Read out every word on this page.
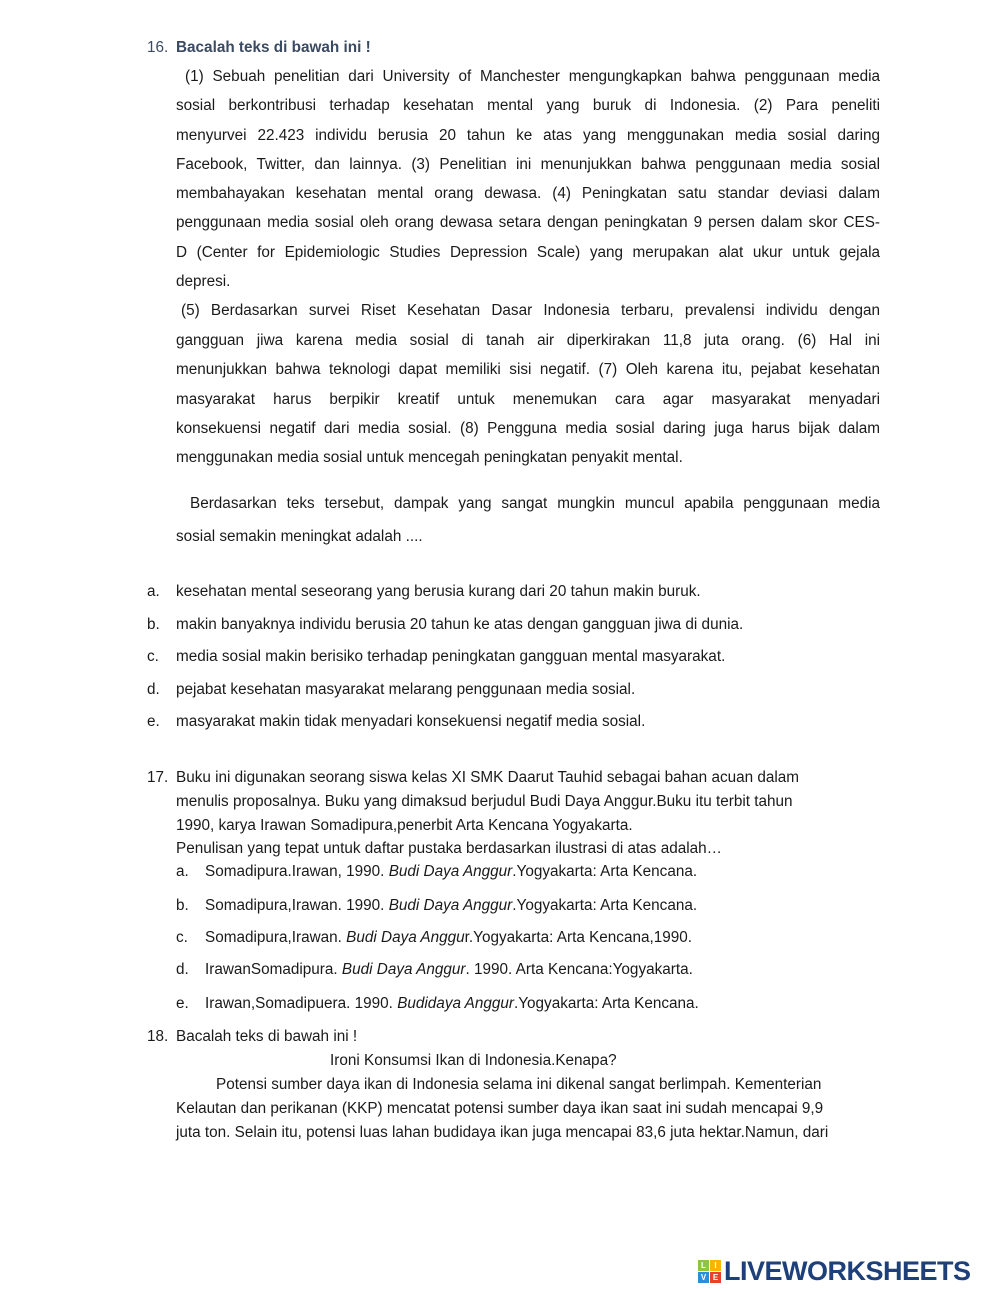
16. Bacalah teks di bawah ini !
(1) Sebuah penelitian dari University of Manchester mengungkapkan bahwa penggunaan media
sosial berkontribusi terhadap kesehatan mental yang buruk di Indonesia. (2) Para peneliti
menyurvei 22.423 individu berusia 20 tahun ke atas yang menggunakan media sosial daring
Facebook, Twitter, dan lainnya. (3) Penelitian ini menunjukkan bahwa penggunaan media sosial
membahayakan kesehatan mental orang dewasa. (4) Peningkatan satu standar deviasi dalam
penggunaan media sosial oleh orang dewasa setara dengan peningkatan 9 persen dalam skor CES-
D (Center for Epidemiologic Studies Depression Scale) yang merupakan alat ukur untuk gejala
depresi.
(5) Berdasarkan survei Riset Kesehatan Dasar Indonesia terbaru, prevalensi individu dengan
gangguan jiwa karena media sosial di tanah air diperkirakan 11,8 juta orang. (6) Hal ini
menunjukkan bahwa teknologi dapat memiliki sisi negatif. (7) Oleh karena itu, pejabat kesehatan
masyarakat harus berpikir kreatif untuk menemukan cara agar masyarakat menyadari
konsekuensi negatif dari media sosial. (8) Pengguna media sosial daring juga harus bijak dalam
menggunakan media sosial untuk mencegah peningkatan penyakit mental.
Berdasarkan teks tersebut, dampak yang sangat mungkin muncul apabila penggunaan media
sosial semakin meningkat adalah ....
a. kesehatan mental seseorang yang berusia kurang dari 20 tahun makin buruk.
b. makin banyaknya individu berusia 20 tahun ke atas dengan gangguan jiwa di dunia.
c. media sosial makin berisiko terhadap peningkatan gangguan mental masyarakat.
d. pejabat kesehatan masyarakat melarang penggunaan media sosial.
e. masyarakat makin tidak menyadari konsekuensi negatif media sosial.
17. Buku ini digunakan seorang siswa kelas XI SMK Daarut Tauhid sebagai bahan acuan dalam
menulis proposalnya. Buku yang dimaksud berjudul Budi Daya Anggur.Buku itu terbit tahun
1990, karya Irawan Somadipura,penerbit Arta Kencana Yogyakarta.
Penulisan yang tepat untuk daftar pustaka berdasarkan ilustrasi di atas adalah…
a. Somadipura.Irawan, 1990. Budi Daya Anggur.Yogyakarta: Arta Kencana.
b. Somadipura,Irawan. 1990. Budi Daya Anggur.Yogyakarta: Arta Kencana.
c. Somadipura,Irawan. Budi Daya Anggur.Yogyakarta: Arta Kencana,1990.
d. IrawanSomadipura. Budi Daya Anggur. 1990. Arta Kencana:Yogyakarta.
e. Irawan,Somadipuera. 1990. Budidaya Anggur.Yogyakarta: Arta Kencana.
18. Bacalah teks di bawah ini !
Ironi Konsumsi Ikan di Indonesia.Kenapa?
Potensi sumber daya ikan di Indonesia selama ini dikenal sangat berlimpah. Kementerian
Kelautan dan perikanan (KKP) mencatat potensi sumber daya ikan saat ini sudah mencapai 9,9
juta ton. Selain itu, potensi luas lahan budidaya ikan juga mencapai 83,6 juta hektar.Namun, dari
L	I
V E LIVEWORKSHEETS
